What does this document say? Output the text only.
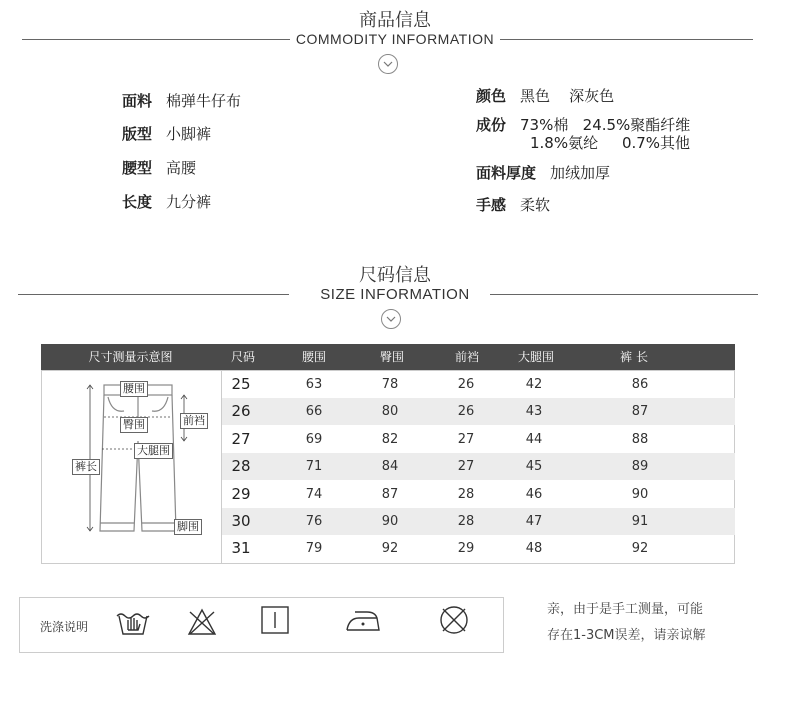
商品信息
COMMODITY INFORMATION
面料 棉弹牛仔布
版型 小脚裤
腰型 高腰
长度 九分裤
颜色 黑色    深灰色
成份 73%棉   24.5%聚酯纤维
1.8%氨纶     0.7%其他
面料厚度 加绒加厚
手感 柔软
尺码信息
SIZE INFORMATION
尺寸测量示意图	尺码	腰围	臀围	前裆	大腿围	裤长
腰围
臀围	前裆
大腿围
裤长
脚围
25	63	78	26	42	86
26	66	80	26	43	87
27	69	82	27	44	88
28	71	84	27	45	89
29	74	87	28	46	90
30	76	90	28	47	91
31	79	92	29	48	92
洗涤说明
亲，由于是手工测量，可能
存在1-3CM误差，请亲谅解
